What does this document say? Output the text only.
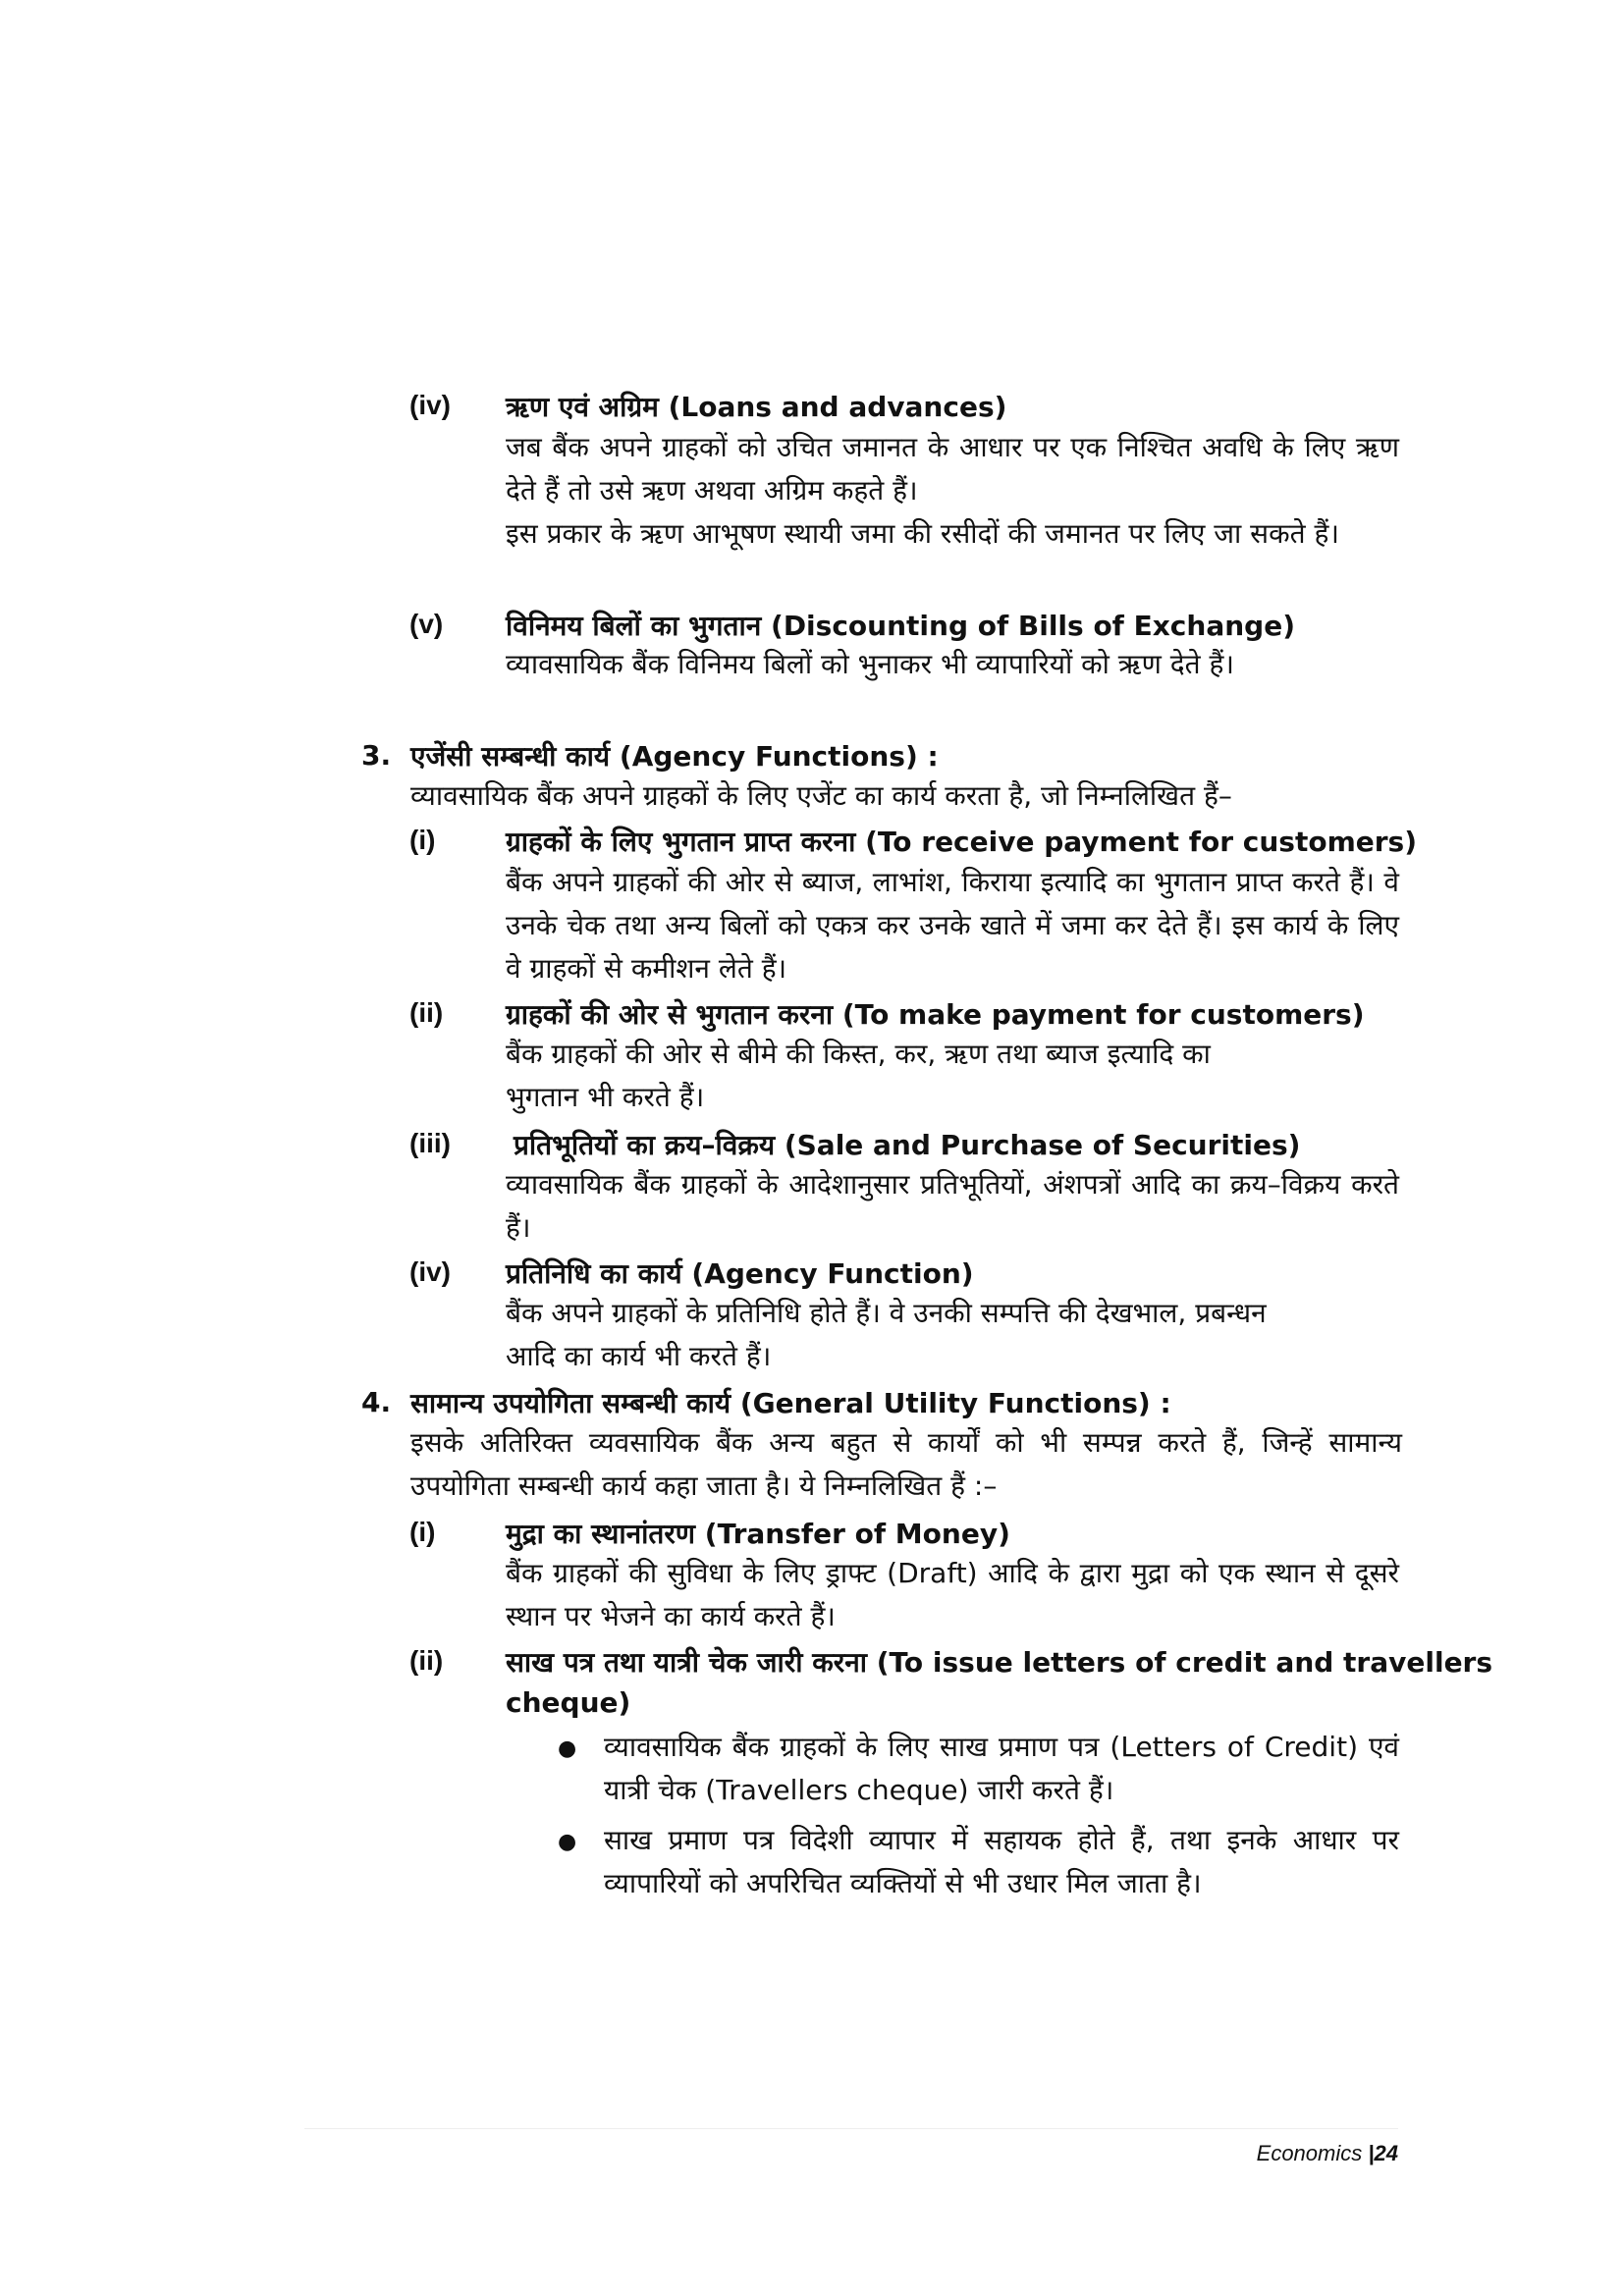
(iv) ऋण एवं अग्रिम (Loans and advances)
जब बैंक अपने ग्राहकों को उचित जमानत के आधार पर एक निश्चित अवधि के लिए ऋण देते हैं तो उसे ऋण अथवा अग्रिम कहते हैं।
इस प्रकार के ऋण आभूषण स्थायी जमा की रसीदों की जमानत पर लिए जा सकते हैं।
(v) विनिमय बिलों का भुगतान (Discounting of Bills of Exchange)
व्यावसायिक बैंक विनिमय बिलों को भुनाकर भी व्यापारियों को ऋण देते हैं।
3. एजेंसी सम्बन्धी कार्य (Agency Functions) :
व्यावसायिक बैंक अपने ग्राहकों के लिए एजेंट का कार्य करता है, जो निम्नलिखित हैं–
(i)	ग्राहकों के लिए भुगतान प्राप्त करना (To receive payment for customers)
बैंक अपने ग्राहकों की ओर से ब्याज, लाभांश, किराया इत्यादि का भुगतान प्राप्त करते हैं। वे उनके चेक तथा अन्य बिलों को एकत्र कर उनके खाते में जमा कर देते हैं। इस कार्य के लिए वे ग्राहकों से कमीशन लेते हैं।
(ii) ग्राहकों की ओर से भुगतान करना (To make payment for customers)
बैंक ग्राहकों की ओर से बीमे की किस्त, कर, ऋण तथा ब्याज इत्यादि का
भुगतान भी करते हैं।
(iii) प्रतिभूतियों का क्रय–विक्रय (Sale and Purchase of Securities)
व्यावसायिक बैंक ग्राहकों के आदेशानुसार प्रतिभूतियों, अंशपत्रों आदि का क्रय–विक्रय करते हैं।
(iv) प्रतिनिधि का कार्य (Agency Function)
बैंक अपने ग्राहकों के प्रतिनिधि होते हैं। वे उनकी सम्पत्ति की देखभाल, प्रबन्धन
आदि का कार्य भी करते हैं।
4. सामान्य उपयोगिता सम्बन्धी कार्य (General Utility Functions) :
इसके अतिरिक्त व्यवसायिक बैंक अन्य बहुत से कार्यों को भी सम्पन्न करते हैं, जिन्हें सामान्य उपयोगिता सम्बन्धी कार्य कहा जाता है। ये निम्नलिखित हैं :–
(i)	मुद्रा का स्थानांतरण (Transfer of Money)
बैंक ग्राहकों की सुविधा के लिए ड्राफ्ट (Draft) आदि के द्वारा मुद्रा को एक स्थान से दूसरे स्थान पर भेजने का कार्य करते हैं।
(ii) साख पत्र तथा यात्री चेक जारी करना (To issue letters of credit and travellers
cheque)
● व्यावसायिक बैंक ग्राहकों के लिए साख प्रमाण पत्र (Letters of Credit) एवं यात्री चेक (Travellers cheque) जारी करते हैं।
● साख प्रमाण पत्र विदेशी व्यापार में सहायक होते हैं, तथा इनके आधार पर व्यापारियों को अपरिचित व्यक्तियों से भी उधार मिल जाता है।
Economics |24
